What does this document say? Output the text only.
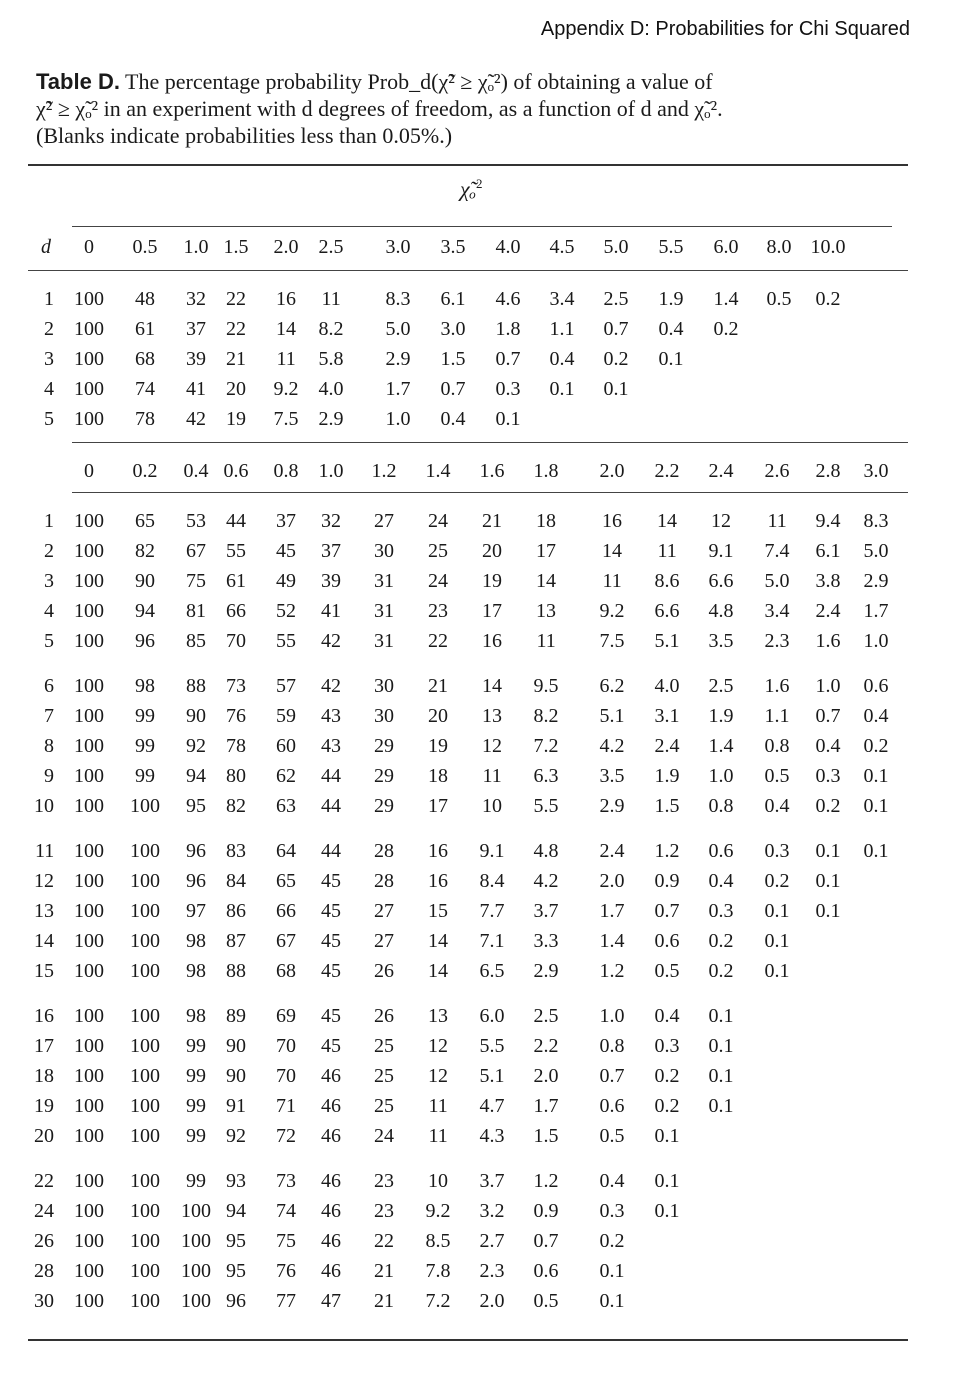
Appendix D: Probabilities for Chi Squared
Table D. The percentage probability Prob_d(χ̃² ≥ χ̃ₒ²) of obtaining a value of
χ̃² ≥ χ̃ₒ² in an experiment with d degrees of freedom, as a function of d and χ̃ₒ².
(Blanks indicate probabilities less than 0.05%.)
χ̃ₒ$^2$
d 0 0.5 1.0 1.5 2.0 2.5 3.0 3.5 4.0 4.5 5.0 5.5 6.0 8.0 10.0
1 100 48 32 22 16 11 8.3 6.1 4.6 3.4 2.5 1.9 1.4 0.5 0.2
2 100 61 37 22 14 8.2 5.0 3.0 1.8 1.1 0.7 0.4 0.2
3 100 68 39 21 11 5.8 2.9 1.5 0.7 0.4 0.2 0.1
4 100 74 41 20 9.2 4.0 1.7 0.7 0.3 0.1 0.1
5 100 78 42 19 7.5 2.9 1.0 0.4 0.1
0 0.2 0.4 0.6 0.8 1.0 1.2 1.4 1.6 1.8 2.0 2.2 2.4 2.6 2.8 3.0
1 100 65 53 44 37 32 27 24 21 18 16 14 12 11 9.4 8.3
2 100 82 67 55 45 37 30 25 20 17 14 11 9.1 7.4 6.1 5.0
3 100 90 75 61 49 39 31 24 19 14 11 8.6 6.6 5.0 3.8 2.9
4 100 94 81 66 52 41 31 23 17 13 9.2 6.6 4.8 3.4 2.4 1.7
5 100 96 85 70 55 42 31 22 16 11 7.5 5.1 3.5 2.3 1.6 1.0
6 100 98 88 73 57 42 30 21 14 9.5 6.2 4.0 2.5 1.6 1.0 0.6
7 100 99 90 76 59 43 30 20 13 8.2 5.1 3.1 1.9 1.1 0.7 0.4
8 100 99 92 78 60 43 29 19 12 7.2 4.2 2.4 1.4 0.8 0.4 0.2
9 100 99 94 80 62 44 29 18 11 6.3 3.5 1.9 1.0 0.5 0.3 0.1
10 100 100 95 82 63 44 29 17 10 5.5 2.9 1.5 0.8 0.4 0.2 0.1
11 100 100 96 83 64 44 28 16 9.1 4.8 2.4 1.2 0.6 0.3 0.1 0.1
12 100 100 96 84 65 45 28 16 8.4 4.2 2.0 0.9 0.4 0.2 0.1
13 100 100 97 86 66 45 27 15 7.7 3.7 1.7 0.7 0.3 0.1 0.1
14 100 100 98 87 67 45 27 14 7.1 3.3 1.4 0.6 0.2 0.1
15 100 100 98 88 68 45 26 14 6.5 2.9 1.2 0.5 0.2 0.1
16 100 100 98 89 69 45 26 13 6.0 2.5 1.0 0.4 0.1
17 100 100 99 90 70 45 25 12 5.5 2.2 0.8 0.3 0.1
18 100 100 99 90 70 46 25 12 5.1 2.0 0.7 0.2 0.1
19 100 100 99 91 71 46 25 11 4.7 1.7 0.6 0.2 0.1
20 100 100 99 92 72 46 24 11 4.3 1.5 0.5 0.1
22 100 100 99 93 73 46 23 10 3.7 1.2 0.4 0.1
24 100 100 100 94 74 46 23 9.2 3.2 0.9 0.3 0.1
26 100 100 100 95 75 46 22 8.5 2.7 0.7 0.2
28 100 100 100 95 76 46 21 7.8 2.3 0.6 0.1
30 100 100 100 96 77 47 21 7.2 2.0 0.5 0.1
